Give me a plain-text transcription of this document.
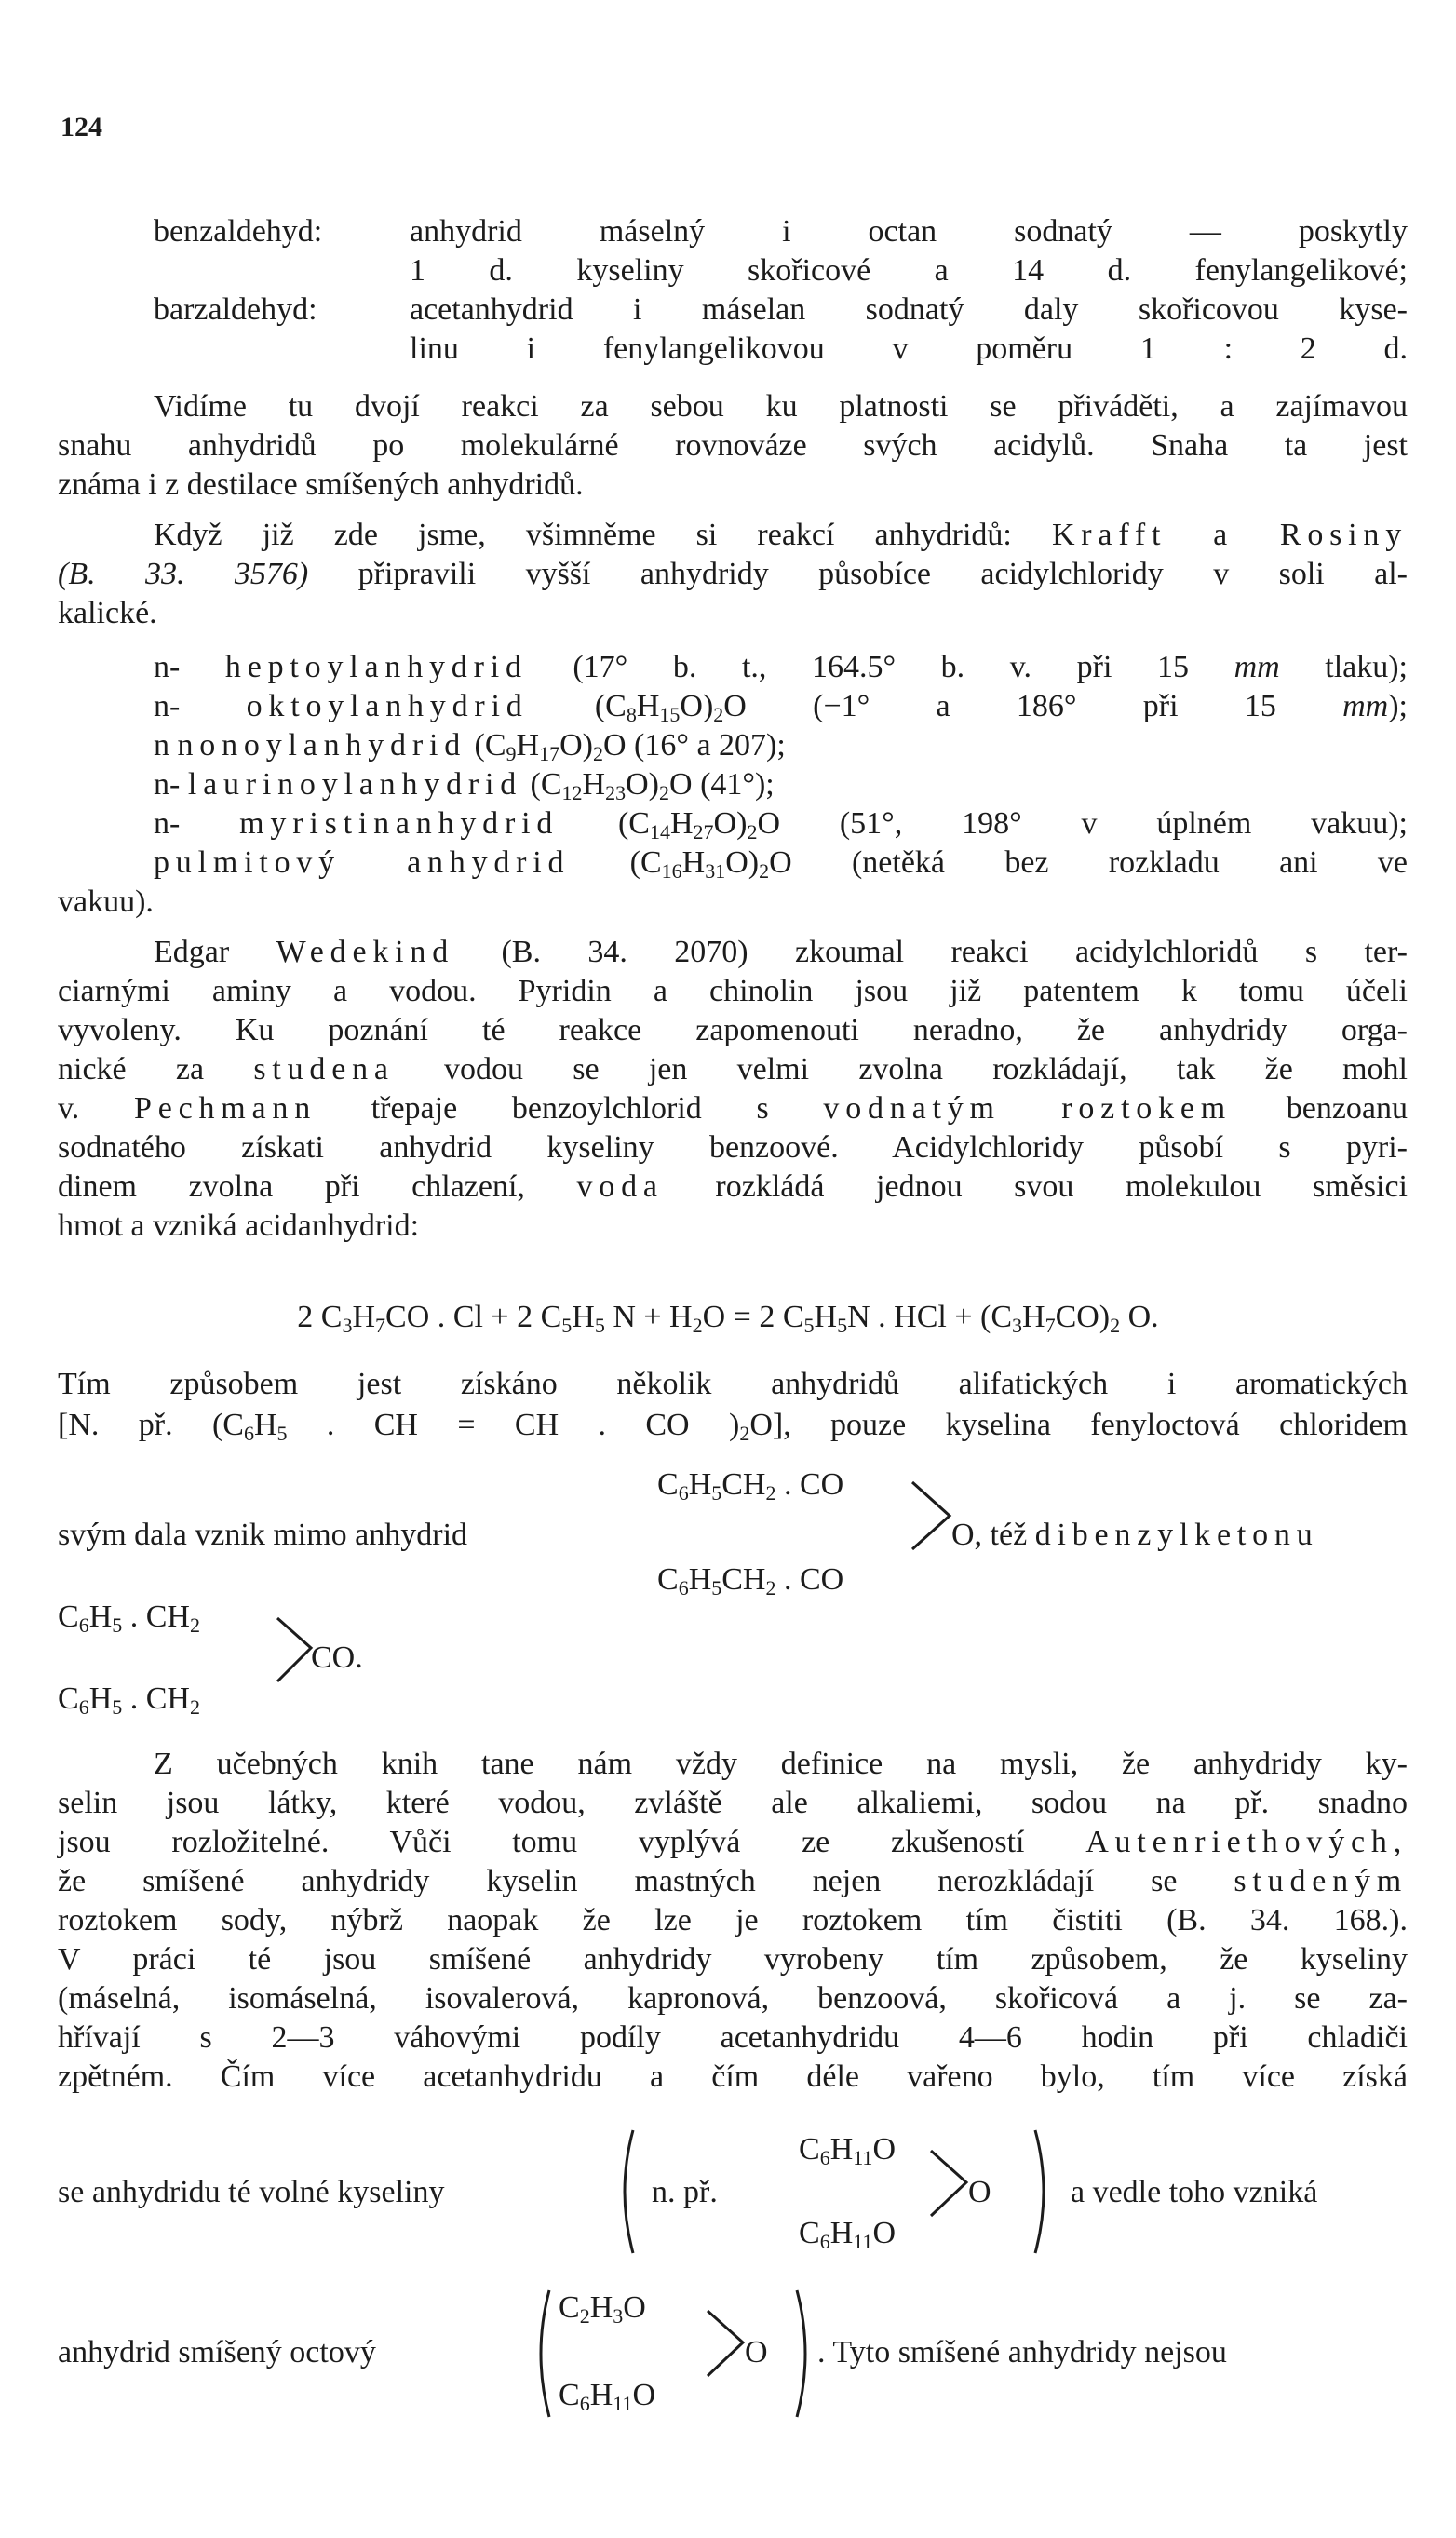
124
benzaldehyd:	anhydrid máselný i octan sodnatý — poskytly
1 d. kyseliny skořicové a 14 d. fenylangelikové;
barzaldehyd:	acetanhydrid i máselan sodnatý daly skořicovou kyse-
linu i fenylangelikovou v poměru 1 : 2 d.
Vidíme tu dvojí reakci za sebou ku platnosti se přiváděti, a zajímavou
snahu anhydridů po molekulárné rovnováze svých acidylů. Snaha ta jest
známa i z destilace smíšených anhydridů.
Když již zde jsme, všimněme si reakcí anhydridů: Krafft a Rosiny
(B. 33. 3576) připravili vyšší anhydridy působíce acidylchloridy v soli al-
kalické.
n- heptoylanhydrid (17° b. t., 164.5° b. v. při 15 mm tlaku);
n- oktoylanhydrid $(C_8H_{15}O)_2O$ (−1° a 186° při 15 mm);
n nonoylanhydrid $(C_9H_{17}O)_2O$ (16° a 207);
n- laurinoylanhydrid $(C_{12}H_{23}O)_2O$ (41°);
n- myristinanhydrid $(C_{14}H_{27}O)_2O$ (51°, 198° v úplném vakuu);
pulmitový anhydrid $(C_{16}H_{31}O)_2O$ (netěká bez rozkladu ani ve
vakuu).
Edgar Wedekind (B. 34. 2070) zkoumal reakci acidylchloridů s ter-
ciarnými aminy a vodou. Pyridin a chinolin jsou již patentem k tomu účeli
vyvoleny. Ku poznání té reakce zapomenouti neradno, že anhydridy orga-
nické za studena vodou se jen velmi zvolna rozkládají, tak že mohl
v. Pechmann třepaje benzoylchlorid s vodnatým roztokem benzoanu
sodnatého získati anhydrid kyseliny benzoové. Acidylchloridy působí s pyri-
dinem zvolna při chlazení, voda rozkládá jednou svou molekulou směsici
hmot a vzniká acidanhydrid:
2 $C_3H_7CO$ . Cl + 2 $C_5H_5$ $N + H_2O = 2$ $C_5H_5N$ . HCl + $(C_3H_7CO)_2$ O.
Tím způsobem jest získáno několik anhydridů alifatických i aromatických
[N. př. ($C_6H_5$ . CH = CH . CO )$_2O$], pouze kyselina fenyloctová chloridem
$C_6H_5CH_2$ . CO
svým dala vznik mimo anhydrid	O, též dibenzylketonu
$C_6H_5CH_2$ . CO
$C_6H_5$ . $CH_2$
CO.
$C_6H_5$ . $CH_2$
Z učebných knih tane nám vždy definice na mysli, že anhydridy ky-
selin jsou látky, které vodou, zvláště ale alkaliemi, sodou na př. snadno
jsou rozložitelné. Vůči tomu vyplývá ze zkušeností Autenriethových,
že smíšené anhydridy kyselin mastných nejen nerozkládají se studeným
roztokem sody, nýbrž naopak že lze je roztokem tím čistiti (B. 34. 168.).
V práci té jsou smíšené anhydridy vyrobeny tím způsobem, že kyseliny
(máselná, isomáselná, isovalerová, kapronová, benzoová, skořicová a j. se za-
hřívají s 2—3 váhovými podíly acetanhydridu 4—6 hodin při chladiči
zpětném. Čím více acetanhydridu a čím déle vařeno bylo, tím více získá
se anhydridu té volné kyseliny	n. př.
$C_6H_{11}O$
O
$C_6H_{11}O$
a vedle toho vzniká
anhydrid smíšený octový
$C_2H_3O$
O
$C_6H_{11}O$
. Tyto smíšené anhydridy nejsou
